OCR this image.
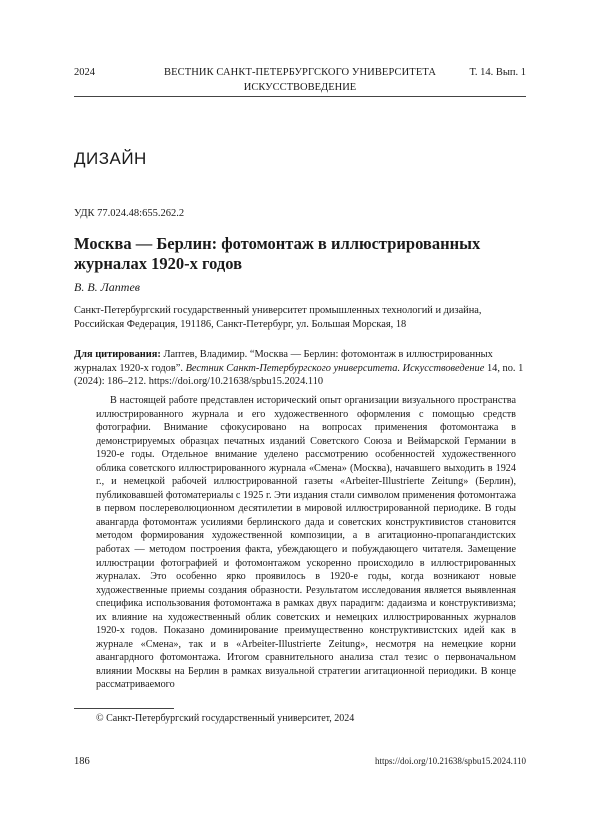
2024	ВЕСТНИК САНКТ-ПЕТЕРБУРГСКОГО УНИВЕРСИТЕТА	Т. 14. Вып. 1
ИСКУССТВОВЕДЕНИЕ
ДИЗАЙН
УДК 77.024.48:655.262.2
Москва — Берлин: фотомонтаж в иллюстрированных журналах 1920-х годов
В. В. Лаптев
Санкт-Петербургский государственный университет промышленных технологий и дизайна, Российская Федерация, 191186, Санкт-Петербург, ул. Большая Морская, 18
Для цитирования: Лаптев, Владимир. “Москва — Берлин: фотомонтаж в иллюстрированных журналах 1920-х годов”. Вестник Санкт-Петербургского университета. Искусствоведение 14, no. 1 (2024): 186–212. https://doi.org/10.21638/spbu15.2024.110

В настоящей работе представлен исторический опыт организации визуального пространства иллюстрированного журнала и его художественного оформления с помощью средств фотографии. Внимание сфокусировано на вопросах применения фотомонтажа в демонстрируемых образцах печатных изданий Советского Союза и Веймарской Германии в 1920-е годы. Отдельное внимание уделено рассмотрению особенностей художественного облика советского иллюстрированного журнала «Смена» (Москва), начавшего выходить в 1924 г., и немецкой рабочей иллюстрированной газеты «Arbeiter-Illustrierte Zeitung» (Берлин), публиковавшей фотоматериалы с 1925 г. Эти издания стали символом применения фотомонтажа в первом послереволюционном десятилетии в мировой иллюстрированной периодике. В годы авангарда фотомонтаж усилиями берлинского дада и советских конструктивистов становится методом формирования художественной композиции, а в агитационно-пропагандистских работах — методом построения факта, убеждающего и побуждающего читателя. Замещение иллюстрации фотографией и фотомонтажом ускоренно происходило в иллюстрированных журналах. Это особенно ярко проявилось в 1920-е годы, когда возникают новые художественные приемы создания образности. Результатом исследования является выявленная специфика использования фотомонтажа в рамках двух парадигм: дадаизма и конструктивизма; их влияние на художественный облик советских и немецких иллюстрированных журналов 1920-х годов. Показано доминирование преимущественно конструктивистских идей как в журнале «Смена», так и в «Arbeiter-Illustrierte Zeitung», несмотря на немецкие корни авангардного фотомонтажа. Итогом сравнительного анализа стал тезис о первоначальном влиянии Москвы на Берлин в рамках визуальной стратегии агитационной периодики. В конце рассматриваемого

© Санкт-Петербургский государственный университет, 2024
186	https://doi.org/10.21638/spbu15.2024.110
